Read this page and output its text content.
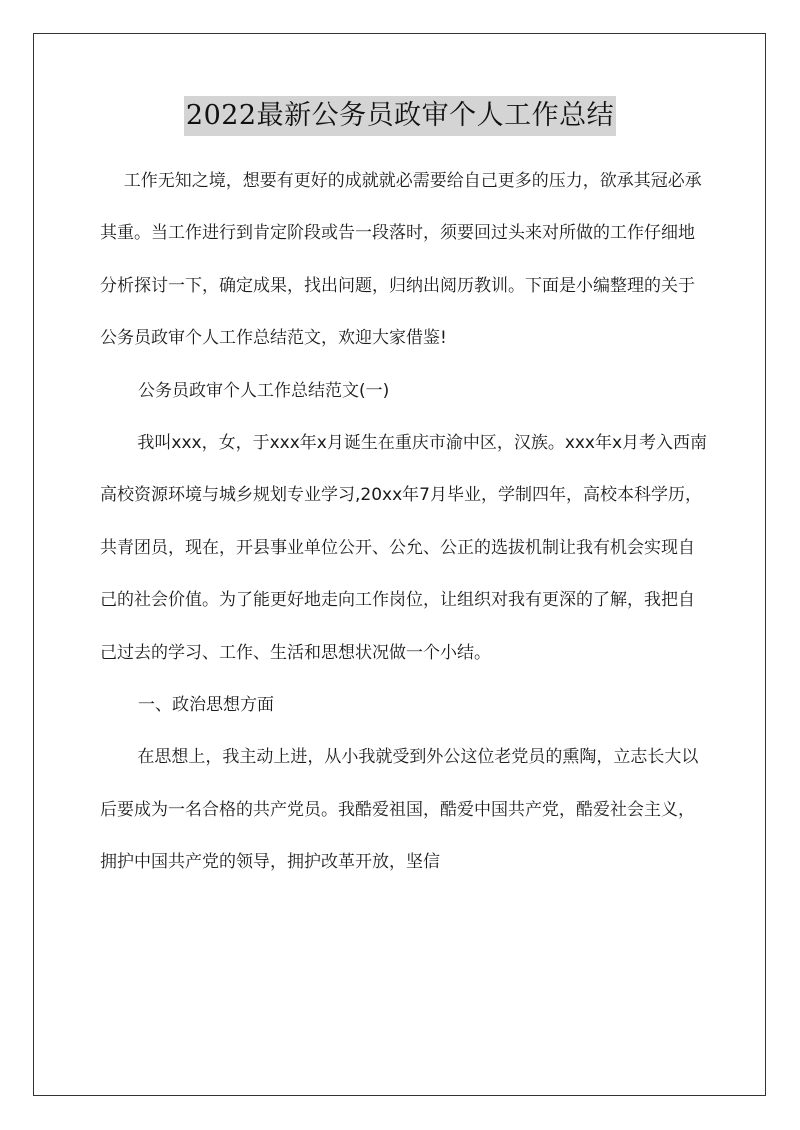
2022最新公务员政审个人工作总结

工作无知之境，想要有更好的成就就必需要给自己更多的压力，欲承其冠必承其重。当工作进行到肯定阶段或告一段落时，须要回过头来对所做的工作仔细地分析探讨一下，确定成果，找出问题，归纳出阅历教训。下面是小编整理的关于公务员政审个人工作总结范文，欢迎大家借鉴!

公务员政审个人工作总结范文(一)

我叫xxx，女，于xxx年x月诞生在重庆市渝中区，汉族。xxx年x月考入西南高校资源环境与城乡规划专业学习,20xx年7月毕业，学制四年，高校本科学历，共青团员，现在，开县事业单位公开、公允、公正的选拔机制让我有机会实现自己的社会价值。为了能更好地走向工作岗位，让组织对我有更深的了解，我把自己过去的学习、工作、生活和思想状况做一个小结。

一、政治思想方面

在思想上，我主动上进，从小我就受到外公这位老党员的熏陶，立志长大以后要成为一名合格的共产党员。我酷爱祖国，酷爱中国共产党，酷爱社会主义，拥护中国共产党的领导，拥护改革开放，坚信
